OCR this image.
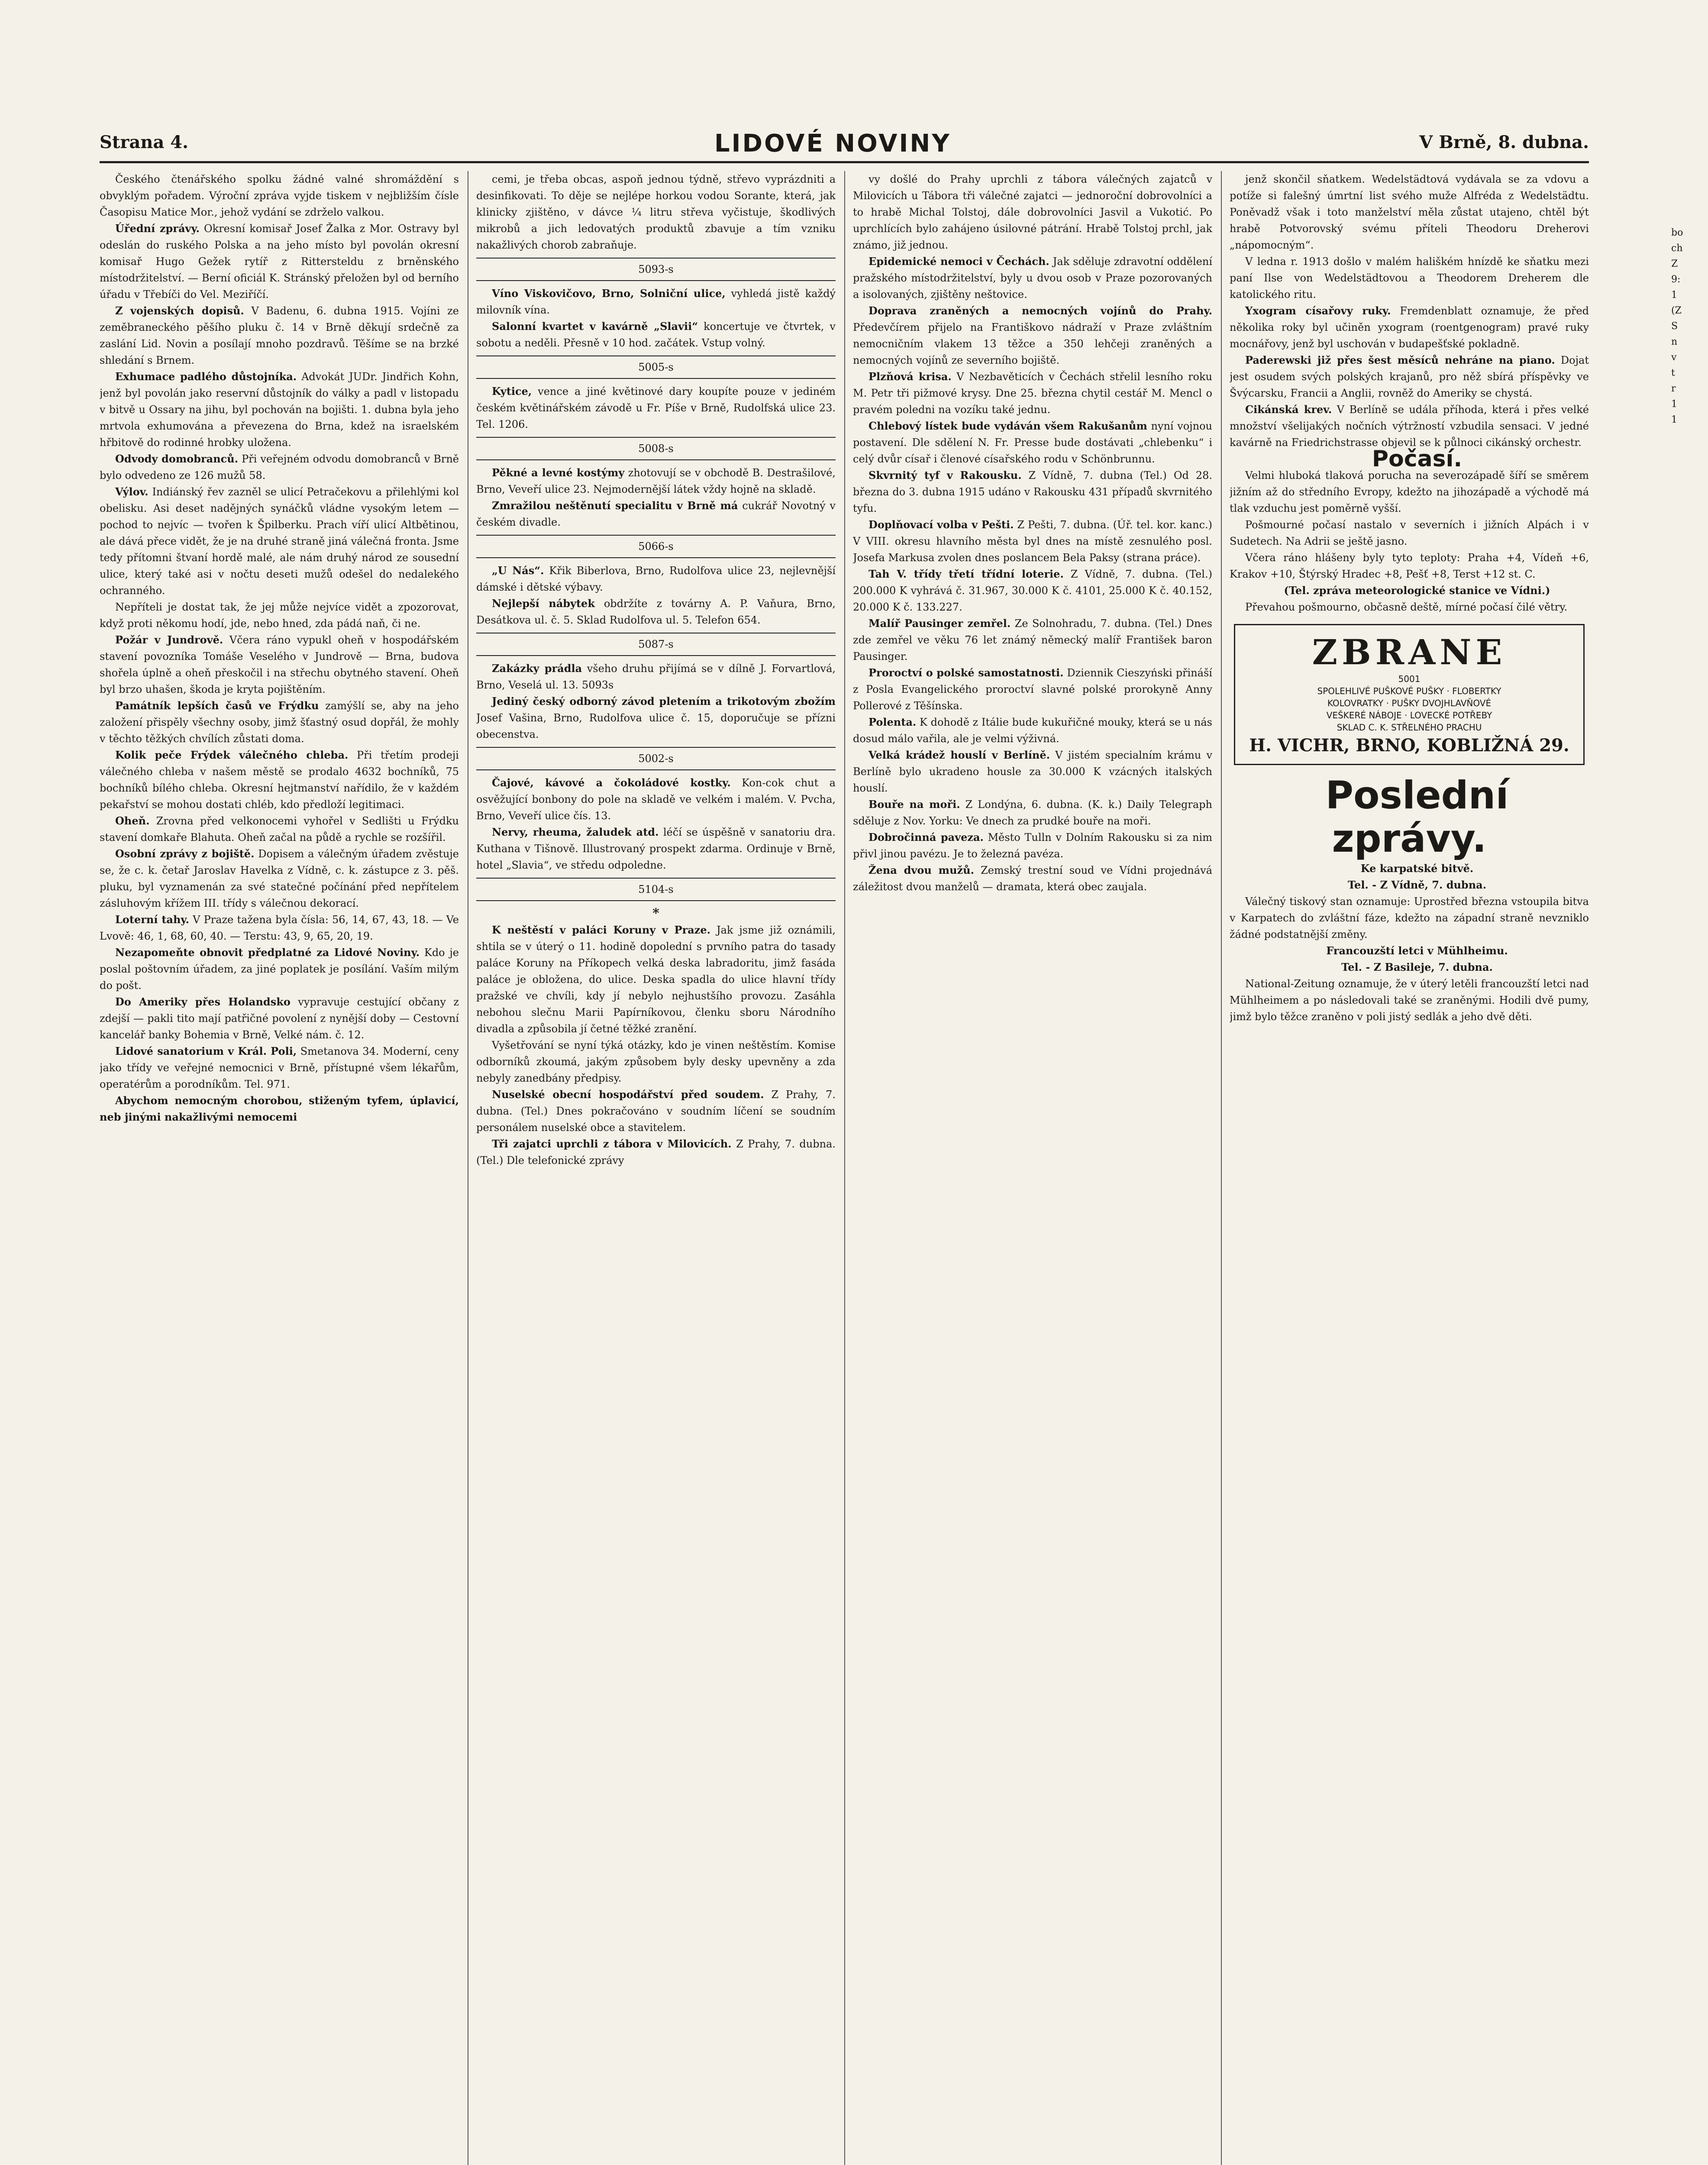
Strana 4.	LIDOVÉ NOVINY	V Brně, 8. dubna.

Českého čtenářského spolku žádné valné shromáždění s obvyklým pořadem. Výroční zpráva vyjde tiskem v nejbližším čísle Časopisu Matice Mor., jehož vydání se zdrželo valkou.

Úřední zprávy. Okresní komisař Josef Žalka z Mor. Ostravy byl odeslán do ruského Polska a na jeho místo byl povolán okresní komisař Hugo Gežek rytíř z Rittersteldu z brněnského místodržitelství. — Berní oficiál K. Stránský přeložen byl od berního úřadu v Třebíči do Vel. Meziříčí.

Z vojenských dopisů. V Badenu, 6. dubna 1915. Vojíni ze zeměbraneckého pěšího pluku č. 14 v Brně děkují srdečně za zaslání Lid. Novin a posílají mnoho pozdravů. Těšíme se na brzké shledání s Brnem.

Exhumace padlého důstojníka. Advokát JUDr. Jindřich Kohn, jenž byl povolán jako reservní důstojník do války a padl v listopadu v bitvě u Ossary na jihu, byl pochován na bojišti. 1. dubna byla jeho mrtvola exhumována a převezena do Brna, kdež na israelském hřbitově do rodinné hrobky uložena.

Odvody domobranců. Při veřejném odvodu domobranců v Brně bylo odvedeno ze 126 mužů 58.

Výlov. Indiánský řev zazněl se ulicí Petračekovu a přilehlými kol obelisku. Asi deset nadějných synáčků vládne vysokým letem — pochod to nejvíc — tvořen k Špilberku. Prach víří ulicí Altbětinou, ale dává přece vidět, že je na druhé straně jiná válečná fronta. Jsme tedy přítomni štvaní hordě malé, ale nám druhý národ ze sousední ulice, který také asi v nočtu deseti mužů odešel do nedalekého ochranného.

Nepříteli je dostat tak, že jej může nejvíce vidět a zpozorovat, když proti někomu hodí, jde, nebo hned, zda pádá naň, či ne.

Požár v Jundrově. Včera ráno vypukl oheň v hospodářském stavení povozníka Tomáše Veselého v Jundrově — Brna, budova shořela úplně a oheň přeskočil i na střechu obytného stavení. Oheň byl brzo uhašen, škoda je kryta pojištěním.

Památník lepších časů ve Frýdku zamýšlí se, aby na jeho založení přispěly všechny osoby, jimž šťastný osud dopřál, že mohly v těchto těžkých chvílích zůstati doma.

Kolik peče Frýdek válečného chleba. Při třetím prodeji válečného chleba v našem městě se prodalo 4632 bochníků, 75 bochníků bílého chleba. Okresní hejtmanství nařídilo, že v každém pekařství se mohou dostati chléb, kdo předloží legitimaci.

Oheň. Zrovna před velkonocemi vyhořel v Sedlišti u Frýdku stavení domkaře Blahuta. Oheň začal na půdě a rychle se rozšířil.

Osobní zprávy z bojiště. Dopisem a válečným úřadem zvěstuje se, že c. k. četař Jaroslav Havelka z Vídně, c. k. zástupce z 3. pěš. pluku, byl vyznamenán za své statečné počínání před nepřítelem zásluhovým křížem III. třídy s válečnou dekorací.

Loterní tahy. V Praze tažena byla čísla: 56, 14, 67, 43, 18. — Ve Lvově: 46, 1, 68, 60, 40. — Terstu: 43, 9, 65, 20, 19.

Nezapomeňte obnovit předplatné za Lidové Noviny. Kdo je poslal poštovním úřadem, za jiné poplatek je posílání. Vaším milým do pošt.

Do Ameriky přes Holandsko vypravuje cestující občany z zdejší — pakli tito mají patřičné povolení z nynější doby — Cestovní kancelář banky Bohemia v Brně, Velké nám. č. 12.

Lidové sanatorium v Král. Poli, Smetanova 34. Moderní, ceny jako třídy ve veřejné nemocnici v Brně, přístupné všem lékařům, operatérům a porodníkům. Tel. 971.

Abychom nemocným chorobou, stiženým tyfem, úplavicí, neb jinými nakažlivými nemocemi

cemi, je třeba obcas, aspoň jednou týdně, střevo vyprázdniti a desinfikovati. To děje se nejlépe horkou vodou Sorante, která, jak klinicky zjištěno, v dávce ¼ litru střeva vyčistuje, škodlivých mikrobů a jich ledovatých produktů zbavuje a tím vzniku nakažlivých chorob zabraňuje.

5093-s

Víno Viskovičovo, Brno, Solniční ulice, vyhledá jistě každý milovník vína.

Salonní kvartet v kavárně „Slavii“ koncertuje ve čtvrtek, v sobotu a neděli. Přesně v 10 hod. začátek. Vstup volný.

5005-s

Kytice, vence a jiné květinové dary koupíte pouze v jediném českém květinářském závodě u Fr. Píše v Brně, Rudolfská ulice 23. Tel. 1206.

5008-s

Pěkné a levné kostýmy zhotovují se v obchodě B. Destrašilové, Brno, Veveří ulice 23. Nejmodernější látek vždy hojně na skladě.

Zmražilou neštěnutí specialitu v Brně má cukrář Novotný v českém divadle.

5066-s

„U Nás“. Křik Biberlova, Brno, Rudolfova ulice 23, nejlevnější dámské i dětské výbavy.

Nejlepší nábytek obdržíte z továrny A. P. Vaňura, Brno, Desátkova ul. č. 5. Sklad Rudolfova ul. 5. Telefon 654.

5087-s

Zakázky prádla všeho druhu přijímá se v dílně J. Forvartlová, Brno, Veselá ul. 13. 5093s

Jediný český odborný závod pletením a trikotovým zbožím Josef Vašina, Brno, Rudolfova ulice č. 15, doporučuje se přízni obecenstva.

5002-s

Čajové, kávové a čokoládové kostky. Kon-cok chut a osvěžující bonbony do pole na skladě ve velkém i malém. V. Pvcha, Brno, Veveří ulice čís. 13.

Nervy, rheuma, žaludek atd. léčí se úspěšně v sanatoriu dra. Kuthana v Tišnově. Illustrovaný prospekt zdarma. Ordinuje v Brně, hotel „Slavia“, ve středu odpoledne.

5104-s

*

K neštěstí v paláci Koruny v Praze. Jak jsme již oznámili, shtila se v úterý o 11. hodině dopolední s prvního patra do tasady paláce Koruny na Příkopech velká deska labradoritu, jimž fasáda paláce je obložena, do ulice. Deska spadla do ulice hlavní třídy pražské ve chvíli, kdy jí nebylo nejhustšího provozu. Zasáhla nebohou slečnu Marii Papírníkovou, členku sboru Národního divadla a způsobila jí četné těžké zranění.

Vyšetřování se nyní týká otázky, kdo je vinen neštěstím. Komise odborníků zkoumá, jakým způsobem byly desky upevněny a zda nebyly zanedbány předpisy.

Nuselské obecní hospodářství před soudem. Z Prahy, 7. dubna. (Tel.) Dnes pokračováno v soudním líčení se soudním personálem nuselské obce a stavitelem.

Tři zajatci uprchli z tábora v Milovicích. Z Prahy, 7. dubna. (Tel.) Dle telefonické zprávy

vy došlé do Prahy uprchli z tábora válečných zajatců v Milovicích u Tábora tři válečné zajatci — jednoroční dobrovolníci a to hrabě Michal Tolstoj, dále dobrovolníci Jasvil a Vukotić. Po uprchlících bylo zahájeno úsilovné pátrání. Hrabě Tolstoj prchl, jak známo, již jednou.

Epidemické nemoci v Čechách. Jak sděluje zdravotní oddělení pražského místodržitelství, byly u dvou osob v Praze pozorovaných a isolovaných, zjištěny neštovice.

Doprava zraněných a nemocných vojínů do Prahy. Předevčírem přijelo na Františkovo nádraží v Praze zvláštním nemocničním vlakem 13 těžce a 350 lehčeji zraněných a nemocných vojínů ze severního bojiště.

Plzňová krisa. V Nezbavěticích v Čechách střelil lesního roku M. Petr tři pižmové krysy. Dne 25. března chytil cestář M. Mencl o pravém poledni na vozíku také jednu.

Chlebový lístek bude vydáván všem Rakušanům nyní vojnou postavení. Dle sdělení N. Fr. Presse bude dostávati „chlebenku“ i celý dvůr císař i členové císařského rodu v Schönbrunnu.

Skvrnitý tyf v Rakousku. Z Vídně, 7. dubna (Tel.) Od 28. března do 3. dubna 1915 udáno v Rakousku 431 případů skvrnitého tyfu.

Doplňovací volba v Pešti. Z Pešti, 7. dubna. (Úř. tel. kor. kanc.) V VIII. okresu hlavního města byl dnes na místě zesnulého posl. Josefa Markusa zvolen dnes poslancem Bela Paksy (strana práce).

Tah V. třídy třetí třídní loterie. Z Vídně, 7. dubna. (Tel.) 200.000 K vyhrává č. 31.967, 30.000 K č. 4101, 25.000 K č. 40.152, 20.000 K č. 133.227.

Malíř Pausinger zemřel. Ze Solnohradu, 7. dubna. (Tel.) Dnes zde zemřel ve věku 76 let známý německý malíř František baron Pausinger.

Proroctví o polské samostatnosti. Dziennik Cieszyński přináší z Posla Evangelického proroctví slavné polské prorokyně Anny Pollerové z Těšínska.

Polenta. K dohodě z Itálie bude kukuřičné mouky, která se u nás dosud málo vařila, ale je velmi výživná.

Velká krádež houslí v Berlíně. V jistém specialním krámu v Berlíně bylo ukradeno housle za 30.000 K vzácných italských houslí.

Bouře na moři. Z Londýna, 6. dubna. (K. k.) Daily Telegraph sděluje z Nov. Yorku: Ve dnech za prudké bouře na moři.

Dobročinná paveza. Město Tulln v Dolním Rakousku si za nim přivl jinou pavézu. Je to železná pavéza.

Žena dvou mužů. Zemský trestní soud ve Vídni projednává záležitost dvou manželů — dramata, která obec zaujala.

jenž skončil sňatkem. Wedelstädtová vydávala se za vdovu a potíže si falešný úmrtní list svého muže Alfréda z Wedelstädtu. Poněvadž však i toto manželství měla zůstat utajeno, chtěl být hrabě Potvorovský svému příteli Theodoru Dreherovi „nápomocným“.

V ledna r. 1913 došlo v malém hališkém hnízdě ke sňatku mezi paní Ilse von Wedelstädtovou a Theodorem Dreherem dle katolického ritu.

Yxogram císařovy ruky. Fremdenblatt oznamuje, že před několika roky byl učiněn yxogram (roentgenogram) pravé ruky mocnářovy, jenž byl uschován v budapešťské pokladně.

Paderewski již přes šest měsíců nehráne na piano. Dojat jest osudem svých polských krajanů, pro něž sbírá příspěvky ve Švýcarsku, Francii a Anglii, rovněž do Ameriky se chystá.

Cikánská krev. V Berlíně se udála příhoda, která i přes velké množství všelijakých nočních výtržností vzbudila sensaci. V jedné kavárně na Friedrichstrasse objevil se k půlnoci cikánský orchestr.

Počasí.

Velmi hluboká tlaková porucha na severozápadě šíří se směrem jižním až do středního Evropy, kdežto na jihozápadě a východě má tlak vzduchu jest poměrně vyšší.

Pošmourné počasí nastalo v severních i jižních Alpách i v Sudetech. Na Adrii se ještě jasno.

Včera ráno hlášeny byly tyto teploty: Praha +4, Vídeň +6, Krakov +10, Štýrský Hradec +8, Pešť +8, Terst +12 st. C.

(Tel. zpráva meteorologické stanice ve Vídni.)

Převahou pošmourno, občasně deště, mírné počasí čilé větry.

ZBRANE
5001
SPOLEHLIVÉ PUŠKOVÉ PUŠKY · FLOBERTKY
KOLOVRATKY · PUŠKY DVOJHLAVŇOVÉ
VEŠKERÉ NÁBOJE · LOVECKÉ POTŘEBY
SKLAD C. K. STŘELNÉHO PRACHU
H. VICHR, BRNO, KOBLIŽNÁ 29.

Poslední zprávy.

Ke karpatské bitvě.

Tel. - Z Vídně, 7. dubna.

Válečný tiskový stan oznamuje: Uprostřed března vstoupila bitva v Karpatech do zvláštní fáze, kdežto na západní straně nevzniklo žádné podstatnější změny.

Francouzští letci v Mühlheimu.

Tel. - Z Basileje, 7. dubna.

National-Zeitung oznamuje, že v úterý letěli francouzští letci nad Mühlheimem a po následovali také se zraněnými. Hodili dvě pumy, jimž bylo těžce zraněno v poli jistý sedlák a jeho dvě děti.

bo
ch
Z
9:
1
(Z
S
n
v
t
r
1
1
